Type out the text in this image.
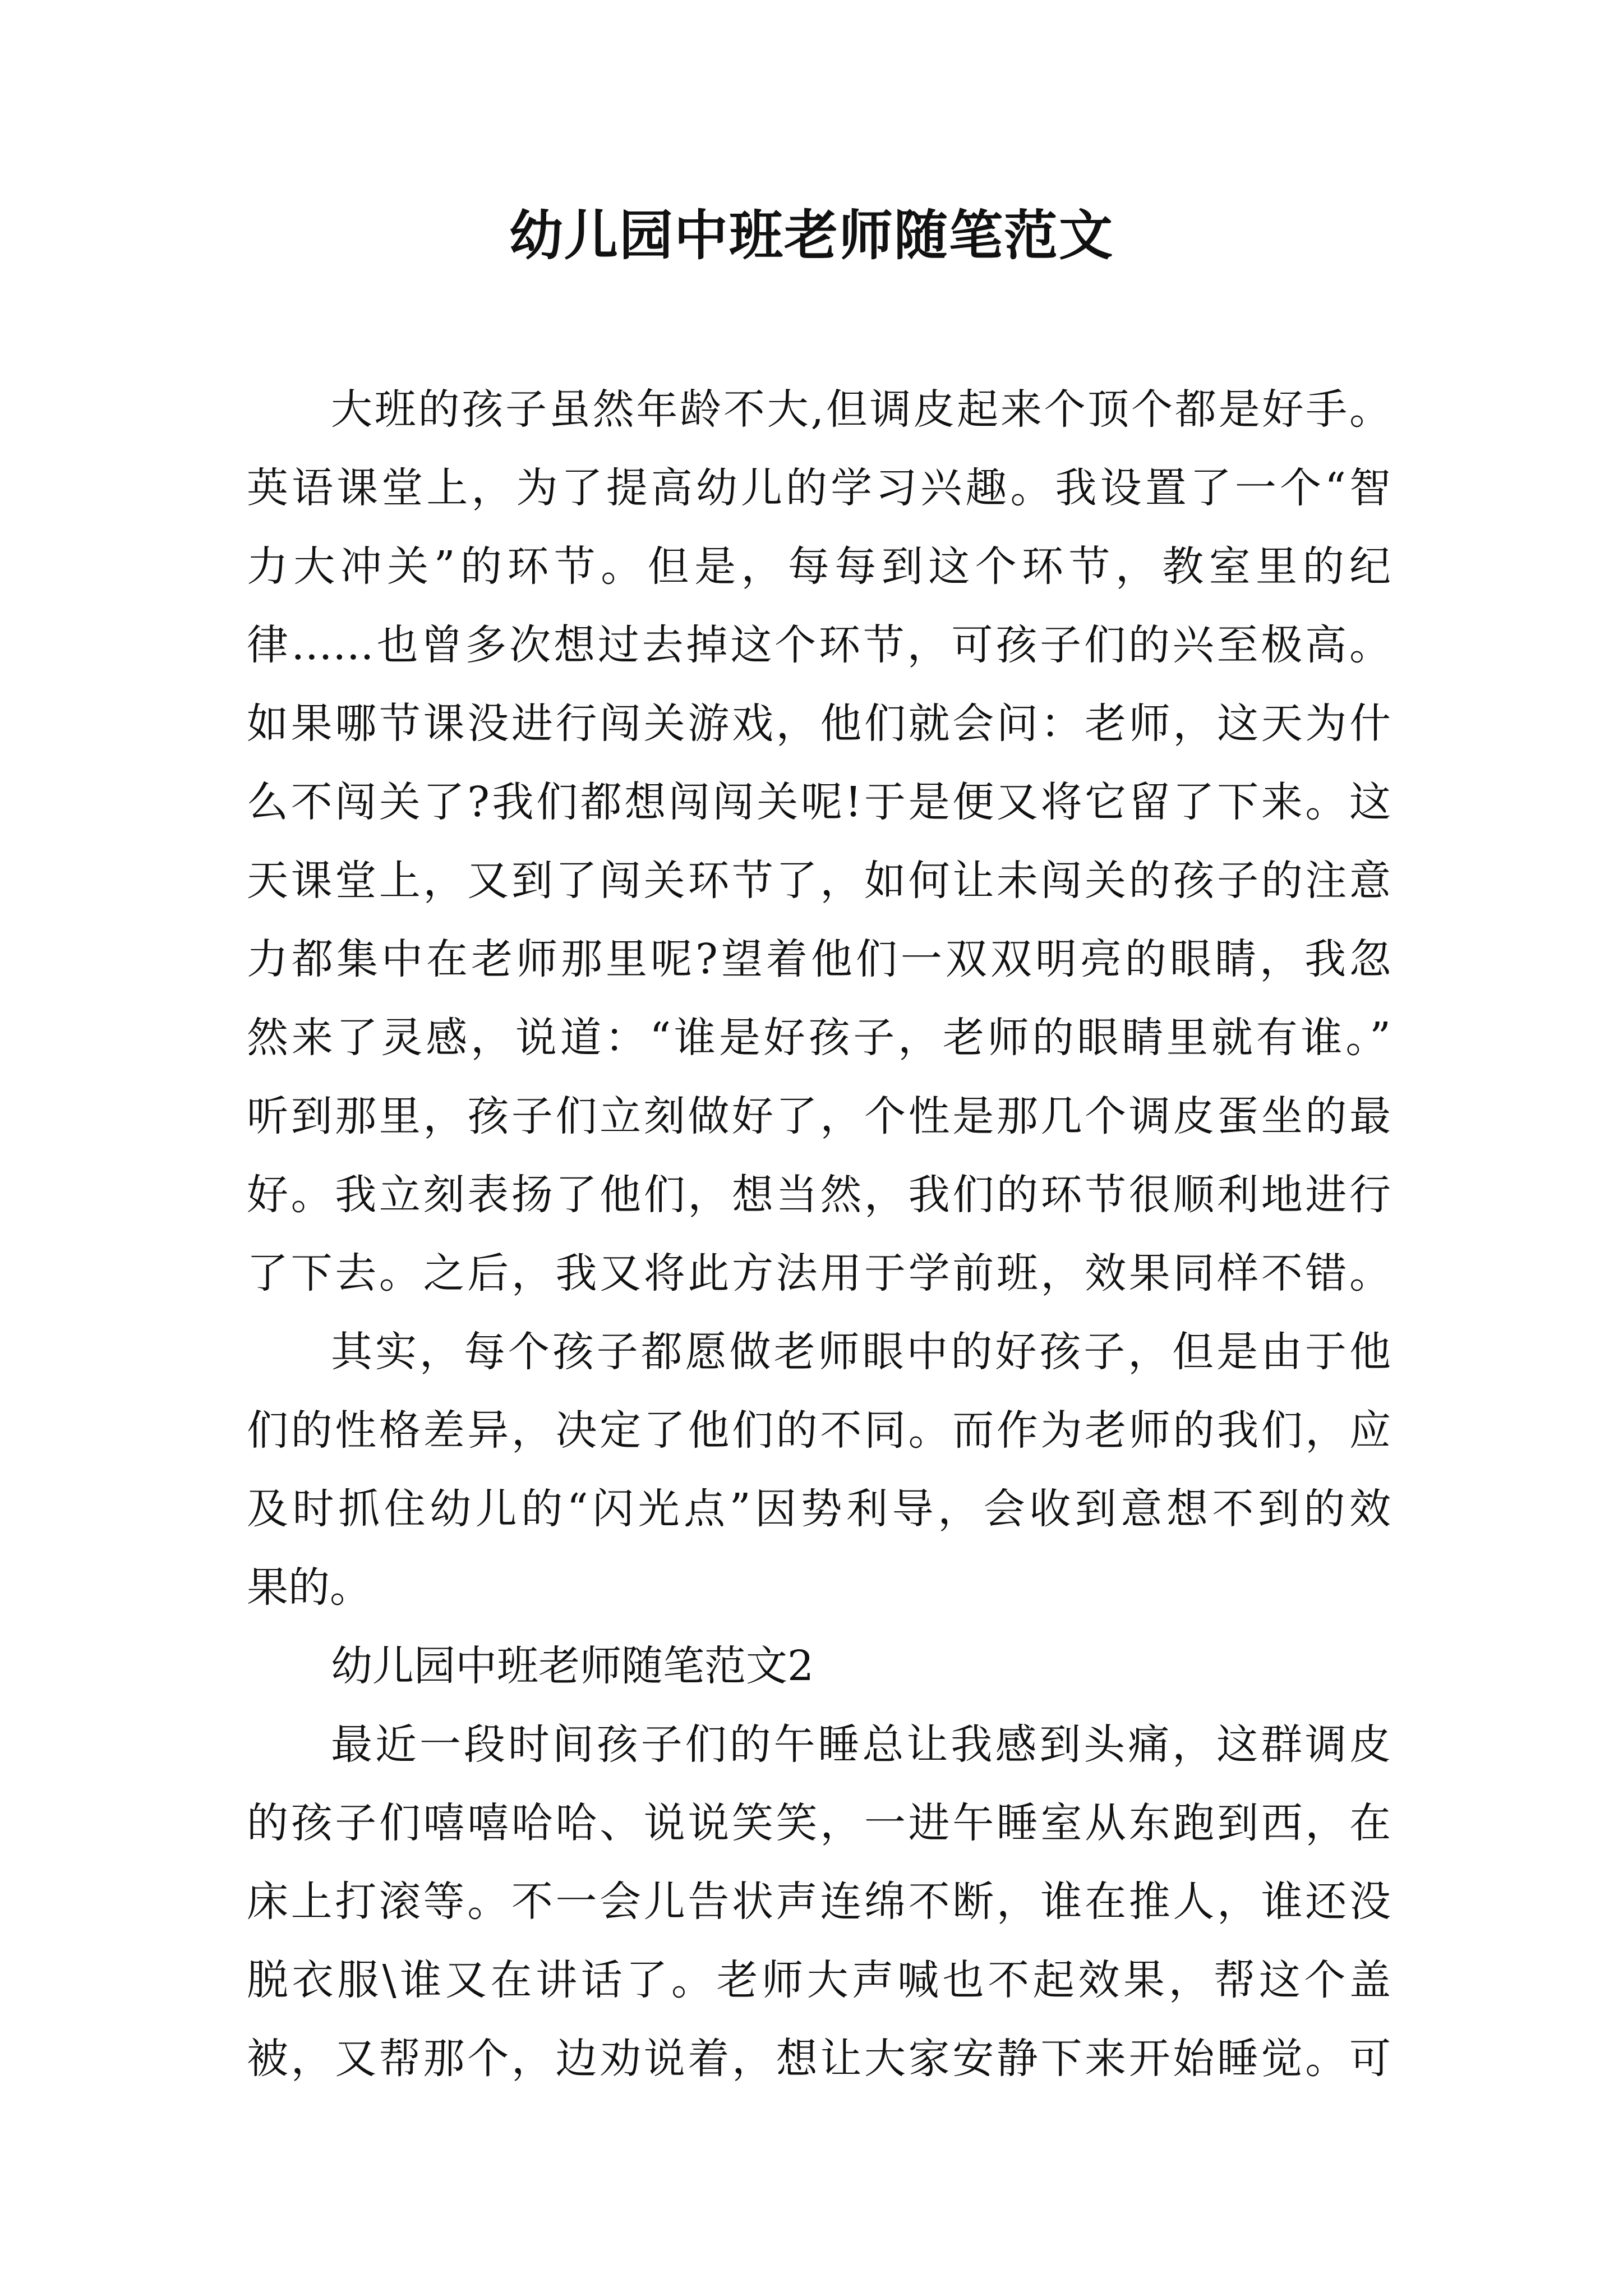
幼儿园中班老师随笔范文
大班的孩子虽然年龄不大,但调皮起来个顶个都是好手。
英语课堂上，为了提高幼儿的学习兴趣。我设置了一个“智
力大冲关”的环节。但是，每每到这个环节，教室里的纪
律……也曾多次想过去掉这个环节，可孩子们的兴至极高。
如果哪节课没进行闯关游戏，他们就会问：老师，这天为什
么不闯关了?我们都想闯闯关呢!于是便又将它留了下来。这
天课堂上，又到了闯关环节了，如何让未闯关的孩子的注意
力都集中在老师那里呢?望着他们一双双明亮的眼睛，我忽
然来了灵感，说道：“谁是好孩子，老师的眼睛里就有谁。”
听到那里，孩子们立刻做好了，个性是那几个调皮蛋坐的最
好。我立刻表扬了他们，想当然，我们的环节很顺利地进行
了下去。之后，我又将此方法用于学前班，效果同样不错。
其实，每个孩子都愿做老师眼中的好孩子，但是由于他
们的性格差异，决定了他们的不同。而作为老师的我们，应
及时抓住幼儿的“闪光点”因势利导，会收到意想不到的效
果的。
幼儿园中班老师随笔范文2
最近一段时间孩子们的午睡总让我感到头痛，这群调皮
的孩子们嘻嘻哈哈、说说笑笑，一进午睡室从东跑到西，在
床上打滚等。不一会儿告状声连绵不断，谁在推人，谁还没
脱衣服\谁又在讲话了。老师大声喊也不起效果，帮这个盖
被，又帮那个，边劝说着，想让大家安静下来开始睡觉。可
